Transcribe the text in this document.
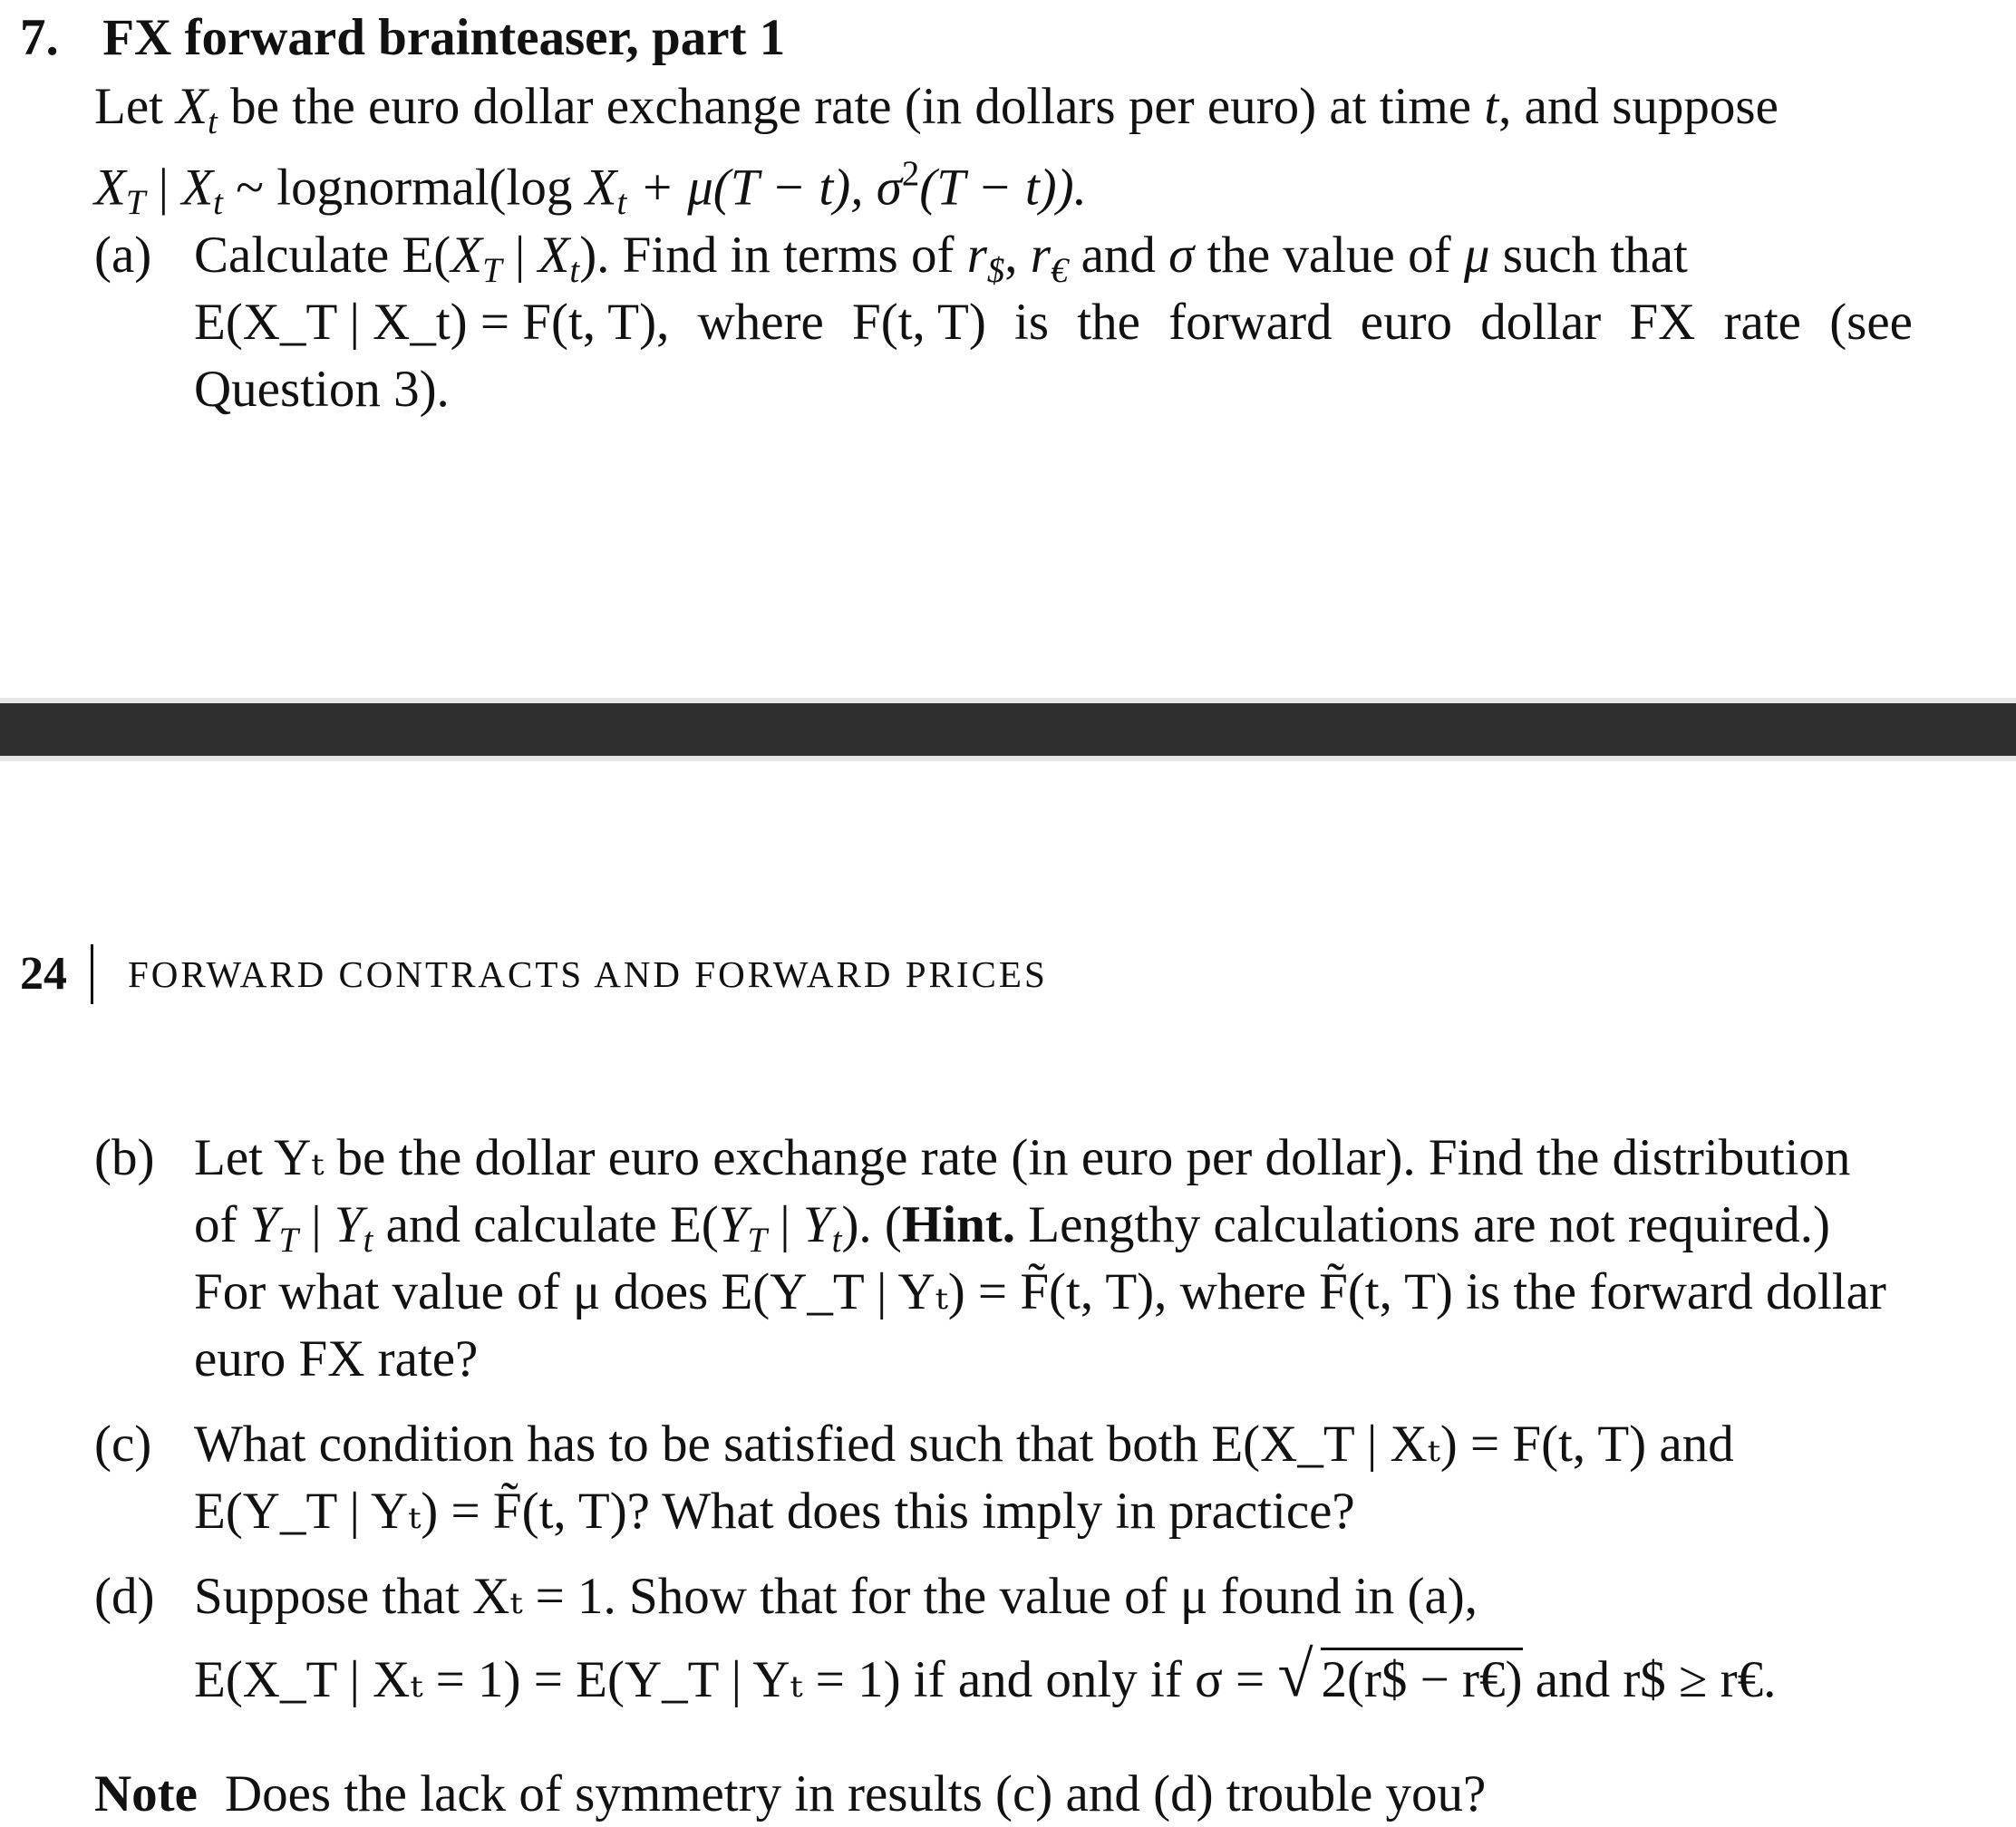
7. FX forward brainteaser, part 1
Let $X_t$ be the euro dollar exchange rate (in dollars per euro) at time t, and suppose
$X_T$ | $X_t$ ~ lognormal(log $X_t + \mu(T - t)$, $\sigma^2(T - t)$).
(a) Calculate $E(X_T$ | $X_t$). Find in terms of $r_{\$}$, $r_€$ and σ the value of μ such that
E(X_T | X_t) = F(t, T), where F(t, T) is the forward euro dollar FX rate (see
Question 3).
24 FORWARD CONTRACTS AND FORWARD PRICES
(b) Let Yₜ be the dollar euro exchange rate (in euro per dollar). Find the distribution
of $Y_T$ | $Y_t$ and calculate $E(Y_T$ | $Y_t$). (Hint. Lengthy calculations are not required.)
For what value of μ does E(Y_T | Yₜ) = F̃(t, T), where F̃(t, T) is the forward dollar
euro FX rate?
(c) What condition has to be satisfied such that both E(X_T | Xₜ) = F(t, T) and
E(Y_T | Yₜ) = F̃(t, T)? What does this imply in practice?
(d) Suppose that Xₜ = 1. Show that for the value of μ found in (a),
E(X_T | Xₜ = 1) = E(Y_T | Yₜ = 1) if and only if σ = √ 2(r$ − r€) and r$ ≥ r€.
Note Does the lack of symmetry in results (c) and (d) trouble you?
